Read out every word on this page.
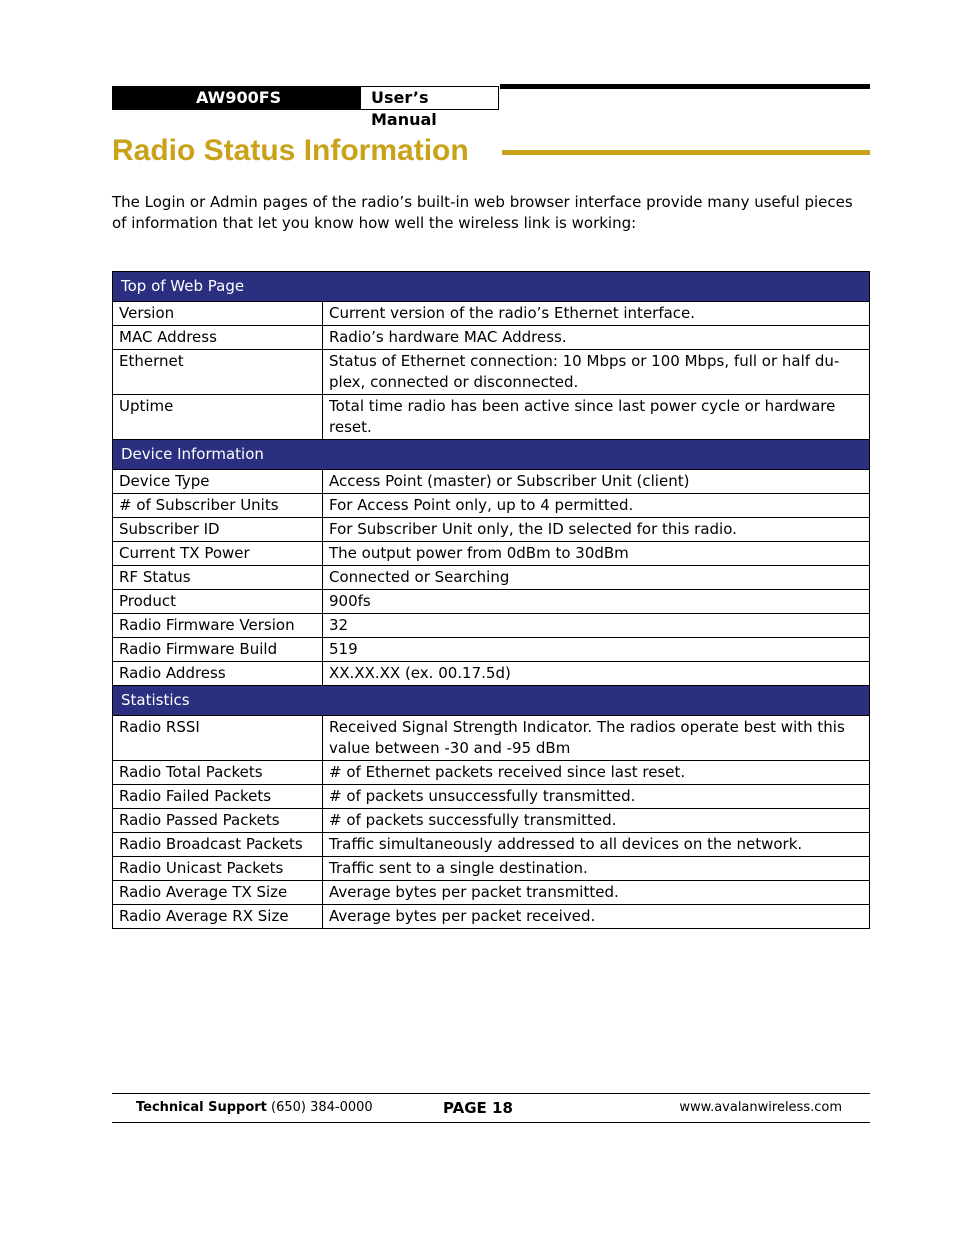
AW900FS	User’s Manual
Radio Status Information

The Login or Admin pages of the radio’s built-in web browser interface provide many useful pieces of information that let you know how well the wireless link is working:

Top of Web Page	
Version	Current version of the radio’s Ethernet interface.
MAC Address	Radio’s hardware MAC Address.
Ethernet	Status of Ethernet connection: 10 Mbps or 100 Mbps, full or half du-plex, connected or disconnected.
Uptime	Total time radio has been active since last power cycle or hardware reset.
Device Information	
Device Type	Access Point (master) or Subscriber Unit (client)
# of Subscriber Units	For Access Point only, up to 4 permitted.
Subscriber ID	For Subscriber Unit only, the ID selected for this radio.
Current TX Power	The output power from 0dBm to 30dBm
RF Status	Connected or Searching
Product	900fs
Radio Firmware Version	32
Radio Firmware Build	519
Radio Address	XX.XX.XX (ex. 00.17.5d)
Statistics	
Radio RSSI	Received Signal Strength Indicator. The radios operate best with this value between -30 and -95 dBm
Radio Total Packets	# of Ethernet packets received since last reset.
Radio Failed Packets	# of packets unsuccessfully transmitted.
Radio Passed Packets	# of packets successfully transmitted.
Radio Broadcast Packets	Traffic simultaneously addressed to all devices on the network.
Radio Unicast Packets	Traffic sent to a single destination.
Radio Average TX Size	Average bytes per packet transmitted.
Radio Average RX Size	Average bytes per packet received.
Technical Support (650) 384-0000	PAGE 18	www.avalanwireless.com
